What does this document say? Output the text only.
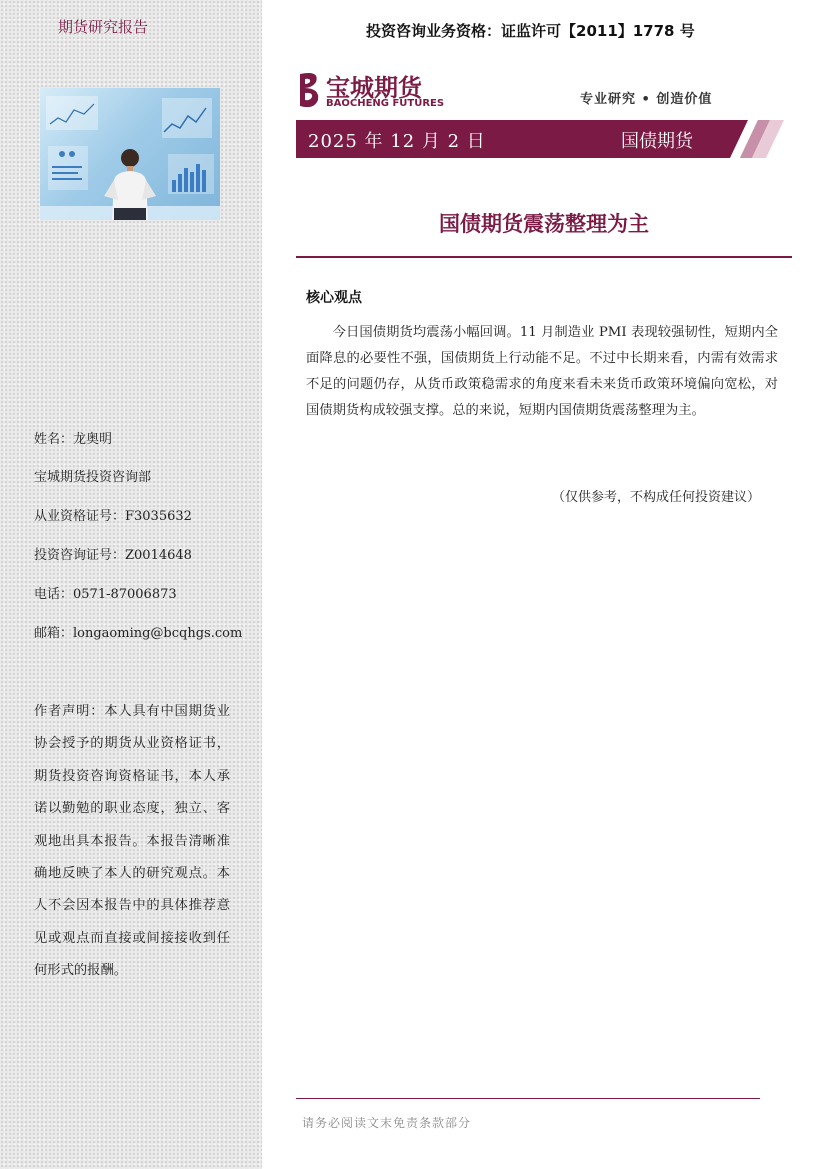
期货研究报告
姓名：龙奥明
宝城期货投资咨询部
从业资格证号：F3035632
投资咨询证号：Z0014648
电话：0571-87006873
邮箱：longaoming@bcqhgs.com
作者声明：本人具有中国期货业协会授予的期货从业资格证书，期货投资咨询资格证书，本人承诺以勤勉的职业态度，独立、客观地出具本报告。本报告清晰准确地反映了本人的研究观点。本人不会因本报告中的具体推荐意见或观点而直接或间接接收到任何形式的报酬。
投资咨询业务资格：证监许可【2011】1778 号
宝城期货
BAOCHENG FUTURES	专业研究 • 创造价值
2025 年 12 月 2 日	国债期货
国债期货震荡整理为主
核心观点
今日国债期货均震荡小幅回调。11 月制造业 PMI 表现较强韧性，短期内全面降息的必要性不强，国债期货上行动能不足。不过中长期来看，内需有效需求不足的问题仍存，从货币政策稳需求的角度来看未来货币政策环境偏向宽松，对国债期货构成较强支撑。总的来说，短期内国债期货震荡整理为主。
（仅供参考，不构成任何投资建议）
请务必阅读文末免责条款部分
